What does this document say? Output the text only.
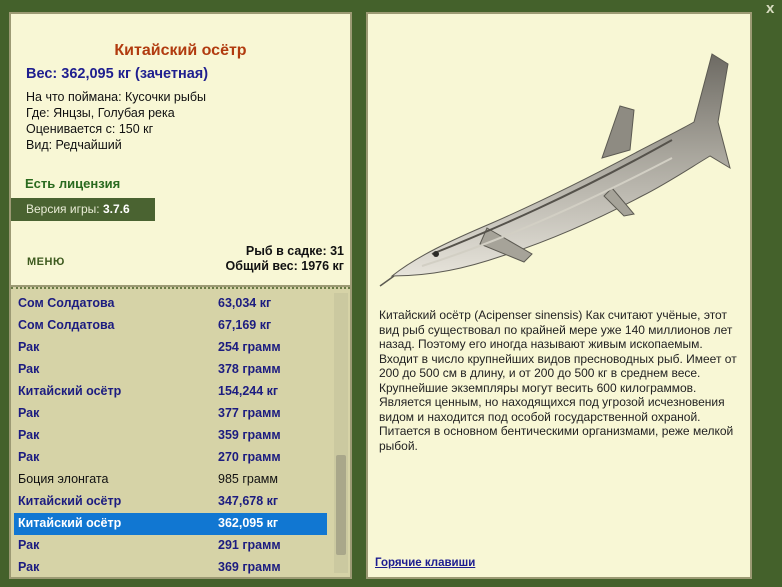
Китайский осётр
Вес: 362,095 кг (зачетная)
На что поймана: Кусочки рыбы
Где: Янцзы, Голубая река
Оценивается с: 150 кг
Вид: Редчайший
Есть лицензия
Версия игры: 3.7.6
МЕНЮ
Рыб в садке: 31
Общий вес: 1976 кг
Сом Солдатова	63,034 кг
Сом Солдатова	67,169 кг
Рак	254 грамм
Рак	378 грамм
Китайский осётр	154,244 кг
Рак	377 грамм
Рак	359 грамм
Рак	270 грамм
Боция элонгата	985 грамм
Китайский осётр	347,678 кг
Китайский осётр	362,095 кг
Рак	291 грамм
Рак	369 грамм
Китайский осётр (Acipenser sinensis) Как считают учёные, этот вид рыб существовал по крайней мере уже 140 миллионов лет назад. Поэтому его иногда называют живым ископаемым. Входит в число крупнейших видов пресноводных рыб. Имеет от 200 до 500 см в длину, и от 200 до 500 кг в среднем весе. Крупнейшие экземпляры могут весить 600 килограммов. Является ценным, но находящихся под угрозой исчезновения видом и находится под особой государственной охраной. Питается в основном бентическими организмами, реже мелкой рыбой.
Горячие клавиши
x
